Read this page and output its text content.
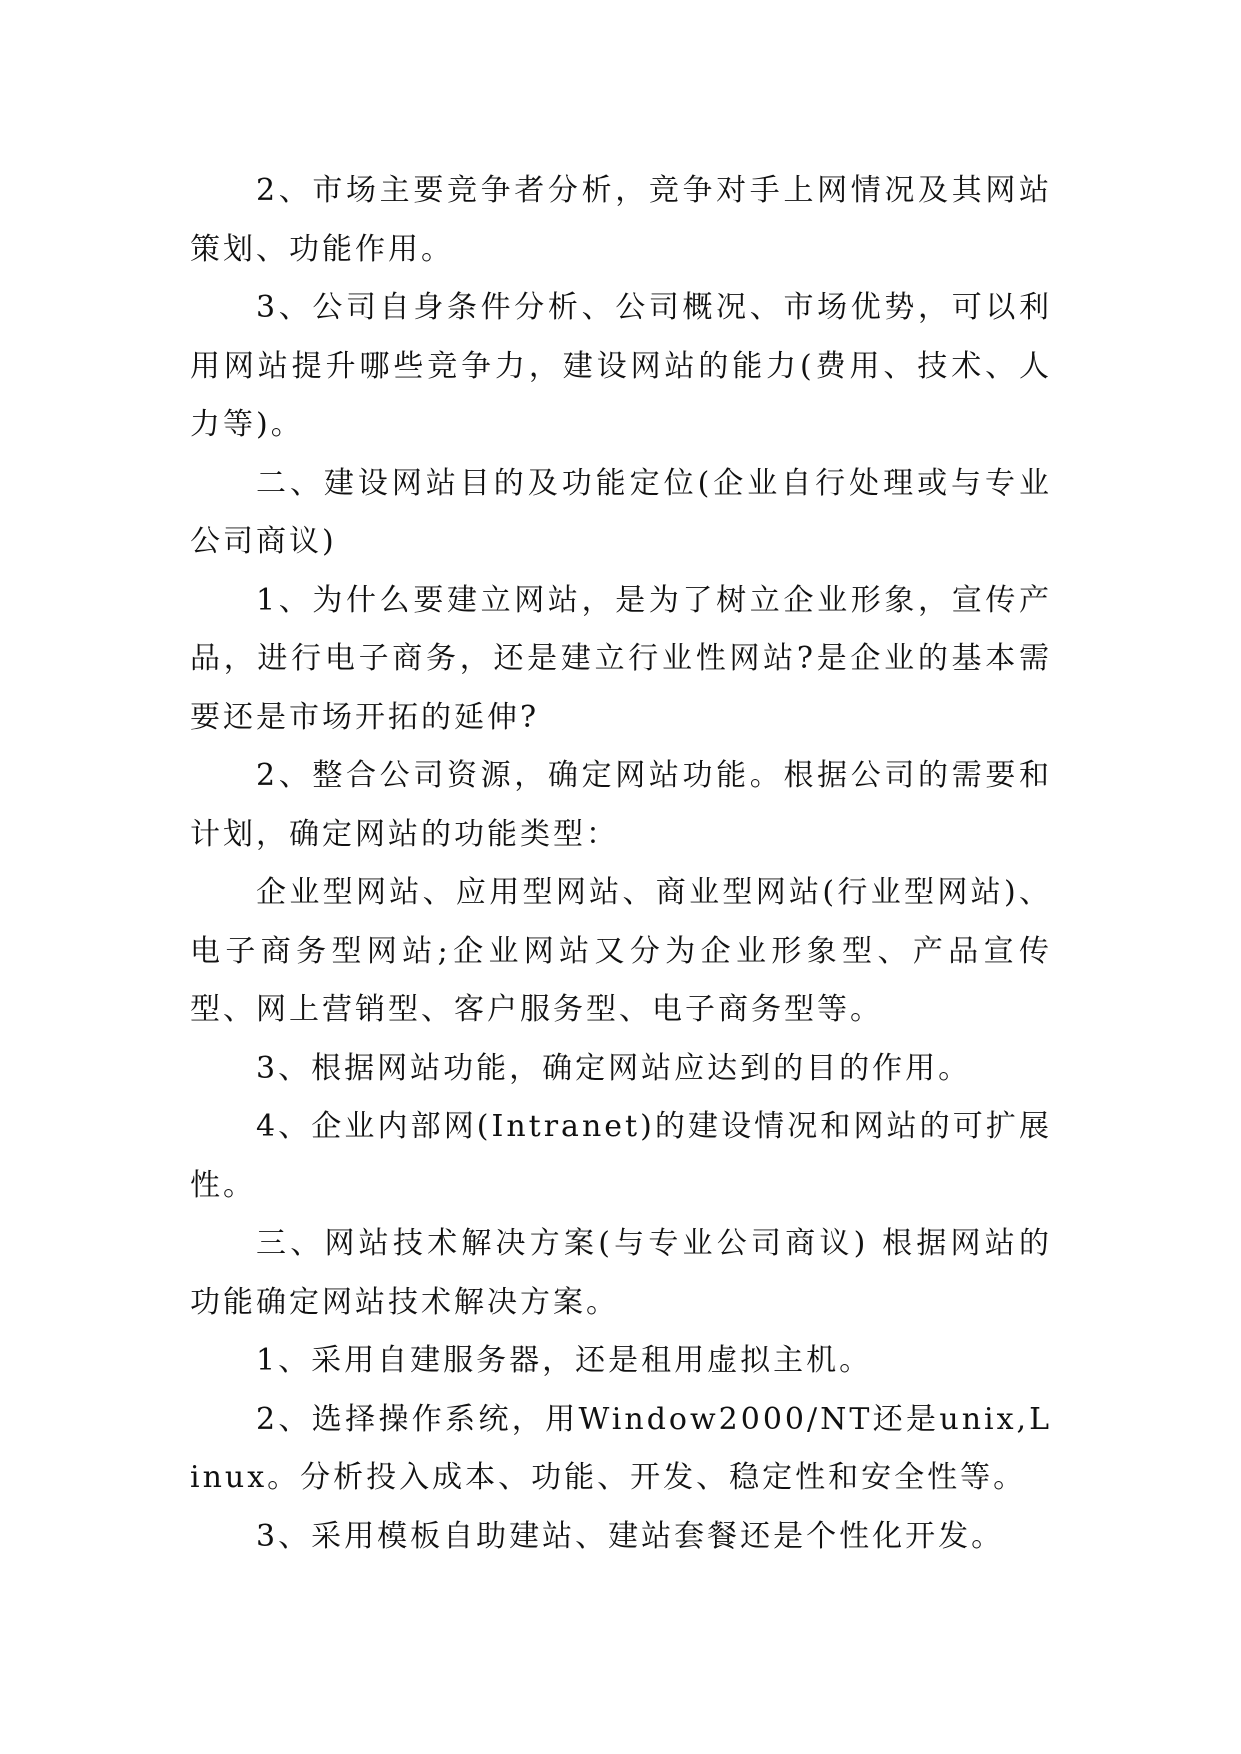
2、市场主要竞争者分析，竞争对手上网情况及其网站策划、功能作用。

3、公司自身条件分析、公司概况、市场优势，可以利用网站提升哪些竞争力，建设网站的能力(费用、技术、人力等)。

二、建设网站目的及功能定位(企业自行处理或与专业公司商议)

1、为什么要建立网站，是为了树立企业形象，宣传产品，进行电子商务，还是建立行业性网站?是企业的基本需要还是市场开拓的延伸?

2、整合公司资源，确定网站功能。根据公司的需要和计划，确定网站的功能类型：

企业型网站、应用型网站、商业型网站(行业型网站)、电子商务型网站;企业网站又分为企业形象型、产品宣传型、网上营销型、客户服务型、电子商务型等。

3、根据网站功能，确定网站应达到的目的作用。

4、企业内部网(Intranet)的建设情况和网站的可扩展性。

三、网站技术解决方案(与专业公司商议) 根据网站的功能确定网站技术解决方案。

1、采用自建服务器，还是租用虚拟主机。

2、选择操作系统，用Window2000/NT还是unix,Linux。分析投入成本、功能、开发、稳定性和安全性等。

3、采用模板自助建站、建站套餐还是个性化开发。
